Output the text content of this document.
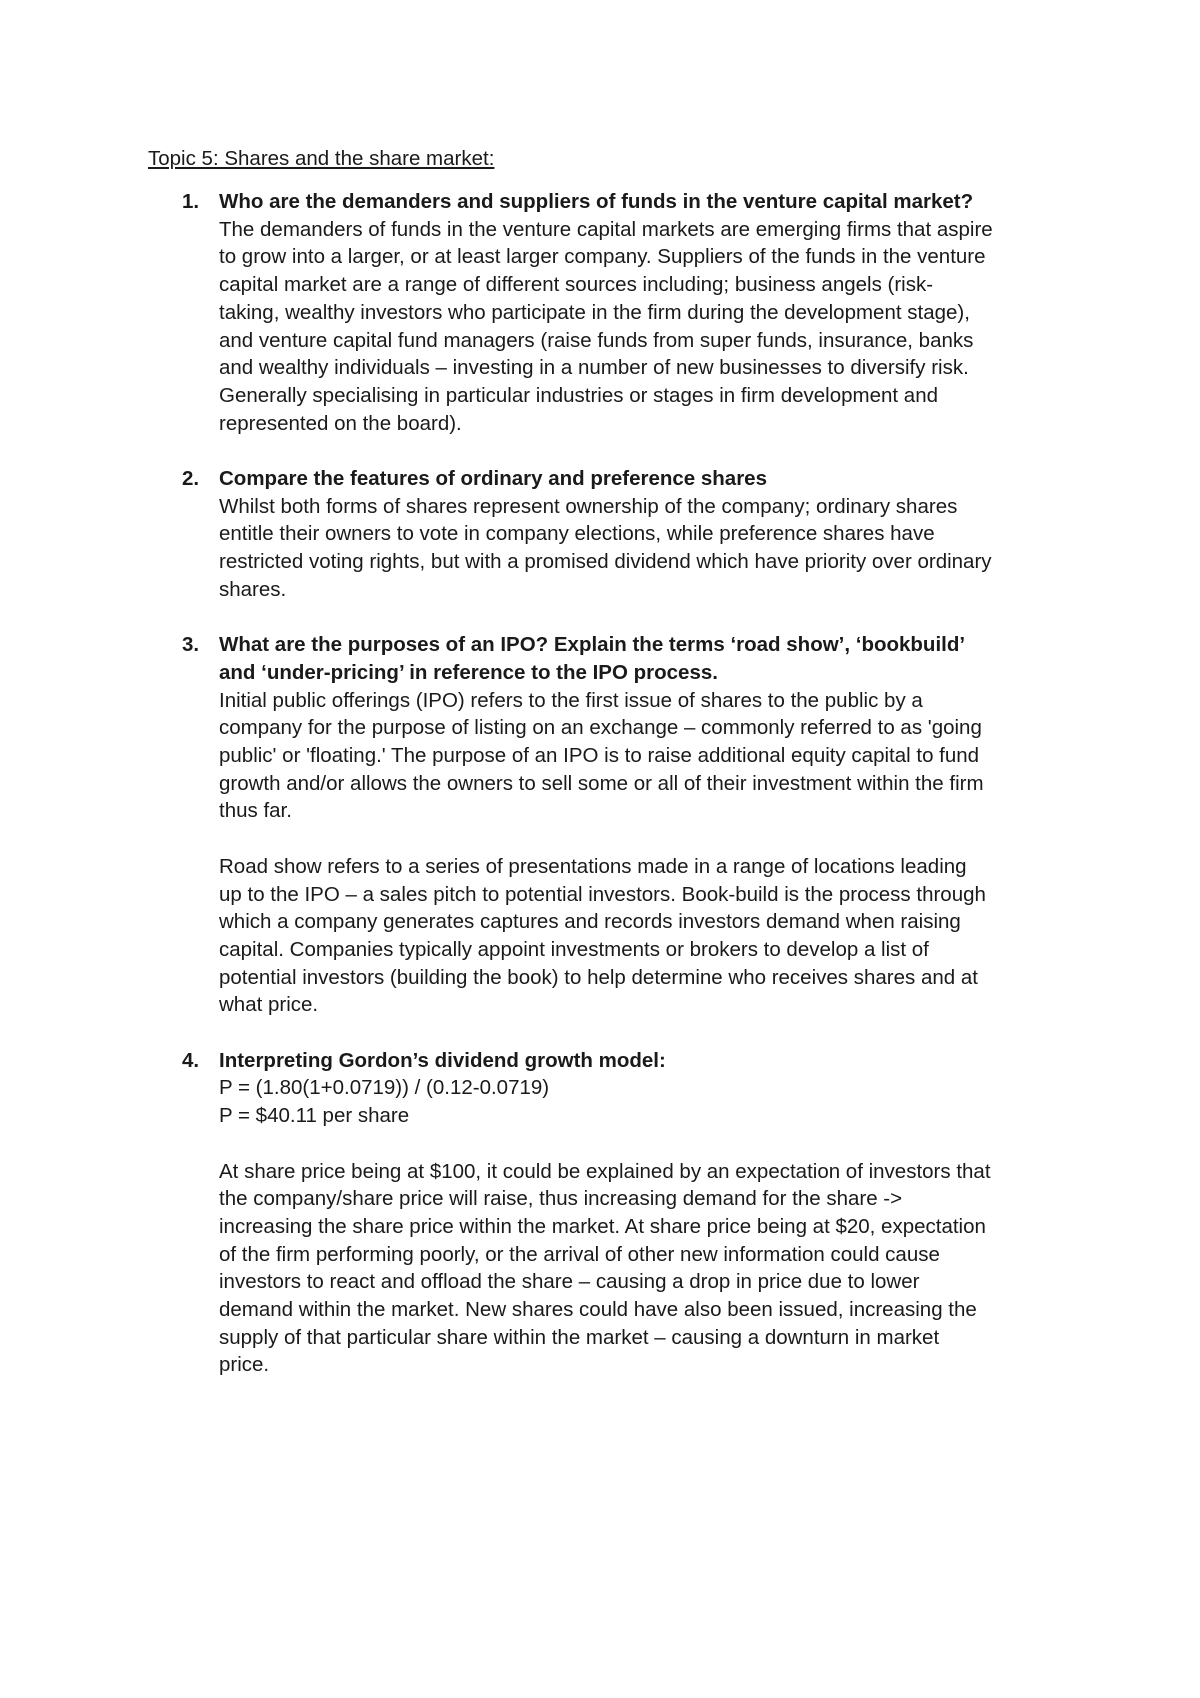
Topic 5: Shares and the share market:
1. Who are the demanders and suppliers of funds in the venture capital market?

The demanders of funds in the venture capital markets are emerging firms that aspire
to grow into a larger, or at least larger company. Suppliers of the funds in the venture
capital market are a range of different sources including; business angels (risk-
taking, wealthy investors who participate in the firm during the development stage),
and venture capital fund managers (raise funds from super funds, insurance, banks
and wealthy individuals – investing in a number of new businesses to diversify risk.
Generally specialising in particular industries or stages in firm development and
represented on the board).

2. Compare the features of ordinary and preference shares

Whilst both forms of shares represent ownership of the company; ordinary shares
entitle their owners to vote in company elections, while preference shares have
restricted voting rights, but with a promised dividend which have priority over ordinary
shares.

3. What are the purposes of an IPO? Explain the terms ‘road show’, ‘bookbuild’
and ‘under-pricing’ in reference to the IPO process.

Initial public offerings (IPO) refers to the first issue of shares to the public by a
company for the purpose of listing on an exchange – commonly referred to as 'going
public' or 'floating.' The purpose of an IPO is to raise additional equity capital to fund
growth and/or allows the owners to sell some or all of their investment within the firm
thus far.

Road show refers to a series of presentations made in a range of locations leading
up to the IPO – a sales pitch to potential investors. Book-build is the process through
which a company generates captures and records investors demand when raising
capital. Companies typically appoint investments or brokers to develop a list of
potential investors (building the book) to help determine who receives shares and at
what price.

4. Interpreting Gordon’s dividend growth model:

P = (1.80(1+0.0719)) / (0.12-0.0719)
P = $40.11 per share

At share price being at $100, it could be explained by an expectation of investors that
the company/share price will raise, thus increasing demand for the share ->
increasing the share price within the market. At share price being at $20, expectation
of the firm performing poorly, or the arrival of other new information could cause
investors to react and offload the share – causing a drop in price due to lower
demand within the market. New shares could have also been issued, increasing the
supply of that particular share within the market – causing a downturn in market
price.
